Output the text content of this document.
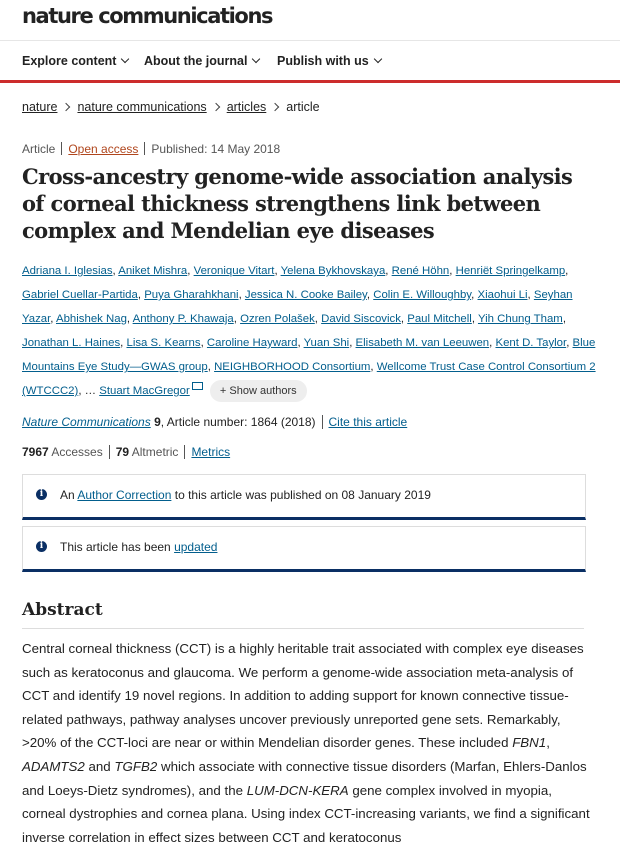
nature communications
Explore content	About the journal	Publish with us
nature nature communications articles article
Article Open access Published: 14 May 2018
Cross-ancestry genome-wide association analysis of corneal thickness strengthens link between complex and Mendelian eye diseases
Adriana I. Iglesias, Aniket Mishra, Veronique Vitart, Yelena Bykhovskaya, René Höhn, Henriët Springelkamp, Gabriel Cuellar-Partida, Puya Gharahkhani, Jessica N. Cooke Bailey, Colin E. Willoughby, Xiaohui Li, Seyhan Yazar, Abhishek Nag, Anthony P. Khawaja, Ozren Polašek, David Siscovick, Paul Mitchell, Yih Chung Tham, Jonathan L. Haines, Lisa S. Kearns, Caroline Hayward, Yuan Shi, Elisabeth M. van Leeuwen, Kent D. Taylor, Blue Mountains Eye Study—GWAS group, NEIGHBORHOOD Consortium, Wellcome Trust Case Control Consortium 2 (WTCCC2), … Stuart MacGregor	+ Show authors
Nature Communications 9, Article number: 1864 (2018) Cite this article
7967 Accesses 79 Altmetric Metrics
i	An Author Correction to this article was published on 08 January 2019
i	This article has been updated
Abstract
Central corneal thickness (CCT) is a highly heritable trait associated with complex eye diseases such as keratoconus and glaucoma. We perform a genome-wide association meta-analysis of CCT and identify 19 novel regions. In addition to adding support for known connective tissue-related pathways, pathway analyses uncover previously unreported gene sets. Remarkably, >20% of the CCT-loci are near or within Mendelian disorder genes. These included FBN1, ADAMTS2 and TGFB2 which associate with connective tissue disorders (Marfan, Ehlers-Danlos and Loeys-Dietz syndromes), and the LUM-DCN-KERA gene complex involved in myopia, corneal dystrophies and cornea plana. Using index CCT-increasing variants, we find a significant inverse correlation in effect sizes between CCT and keratoconus
